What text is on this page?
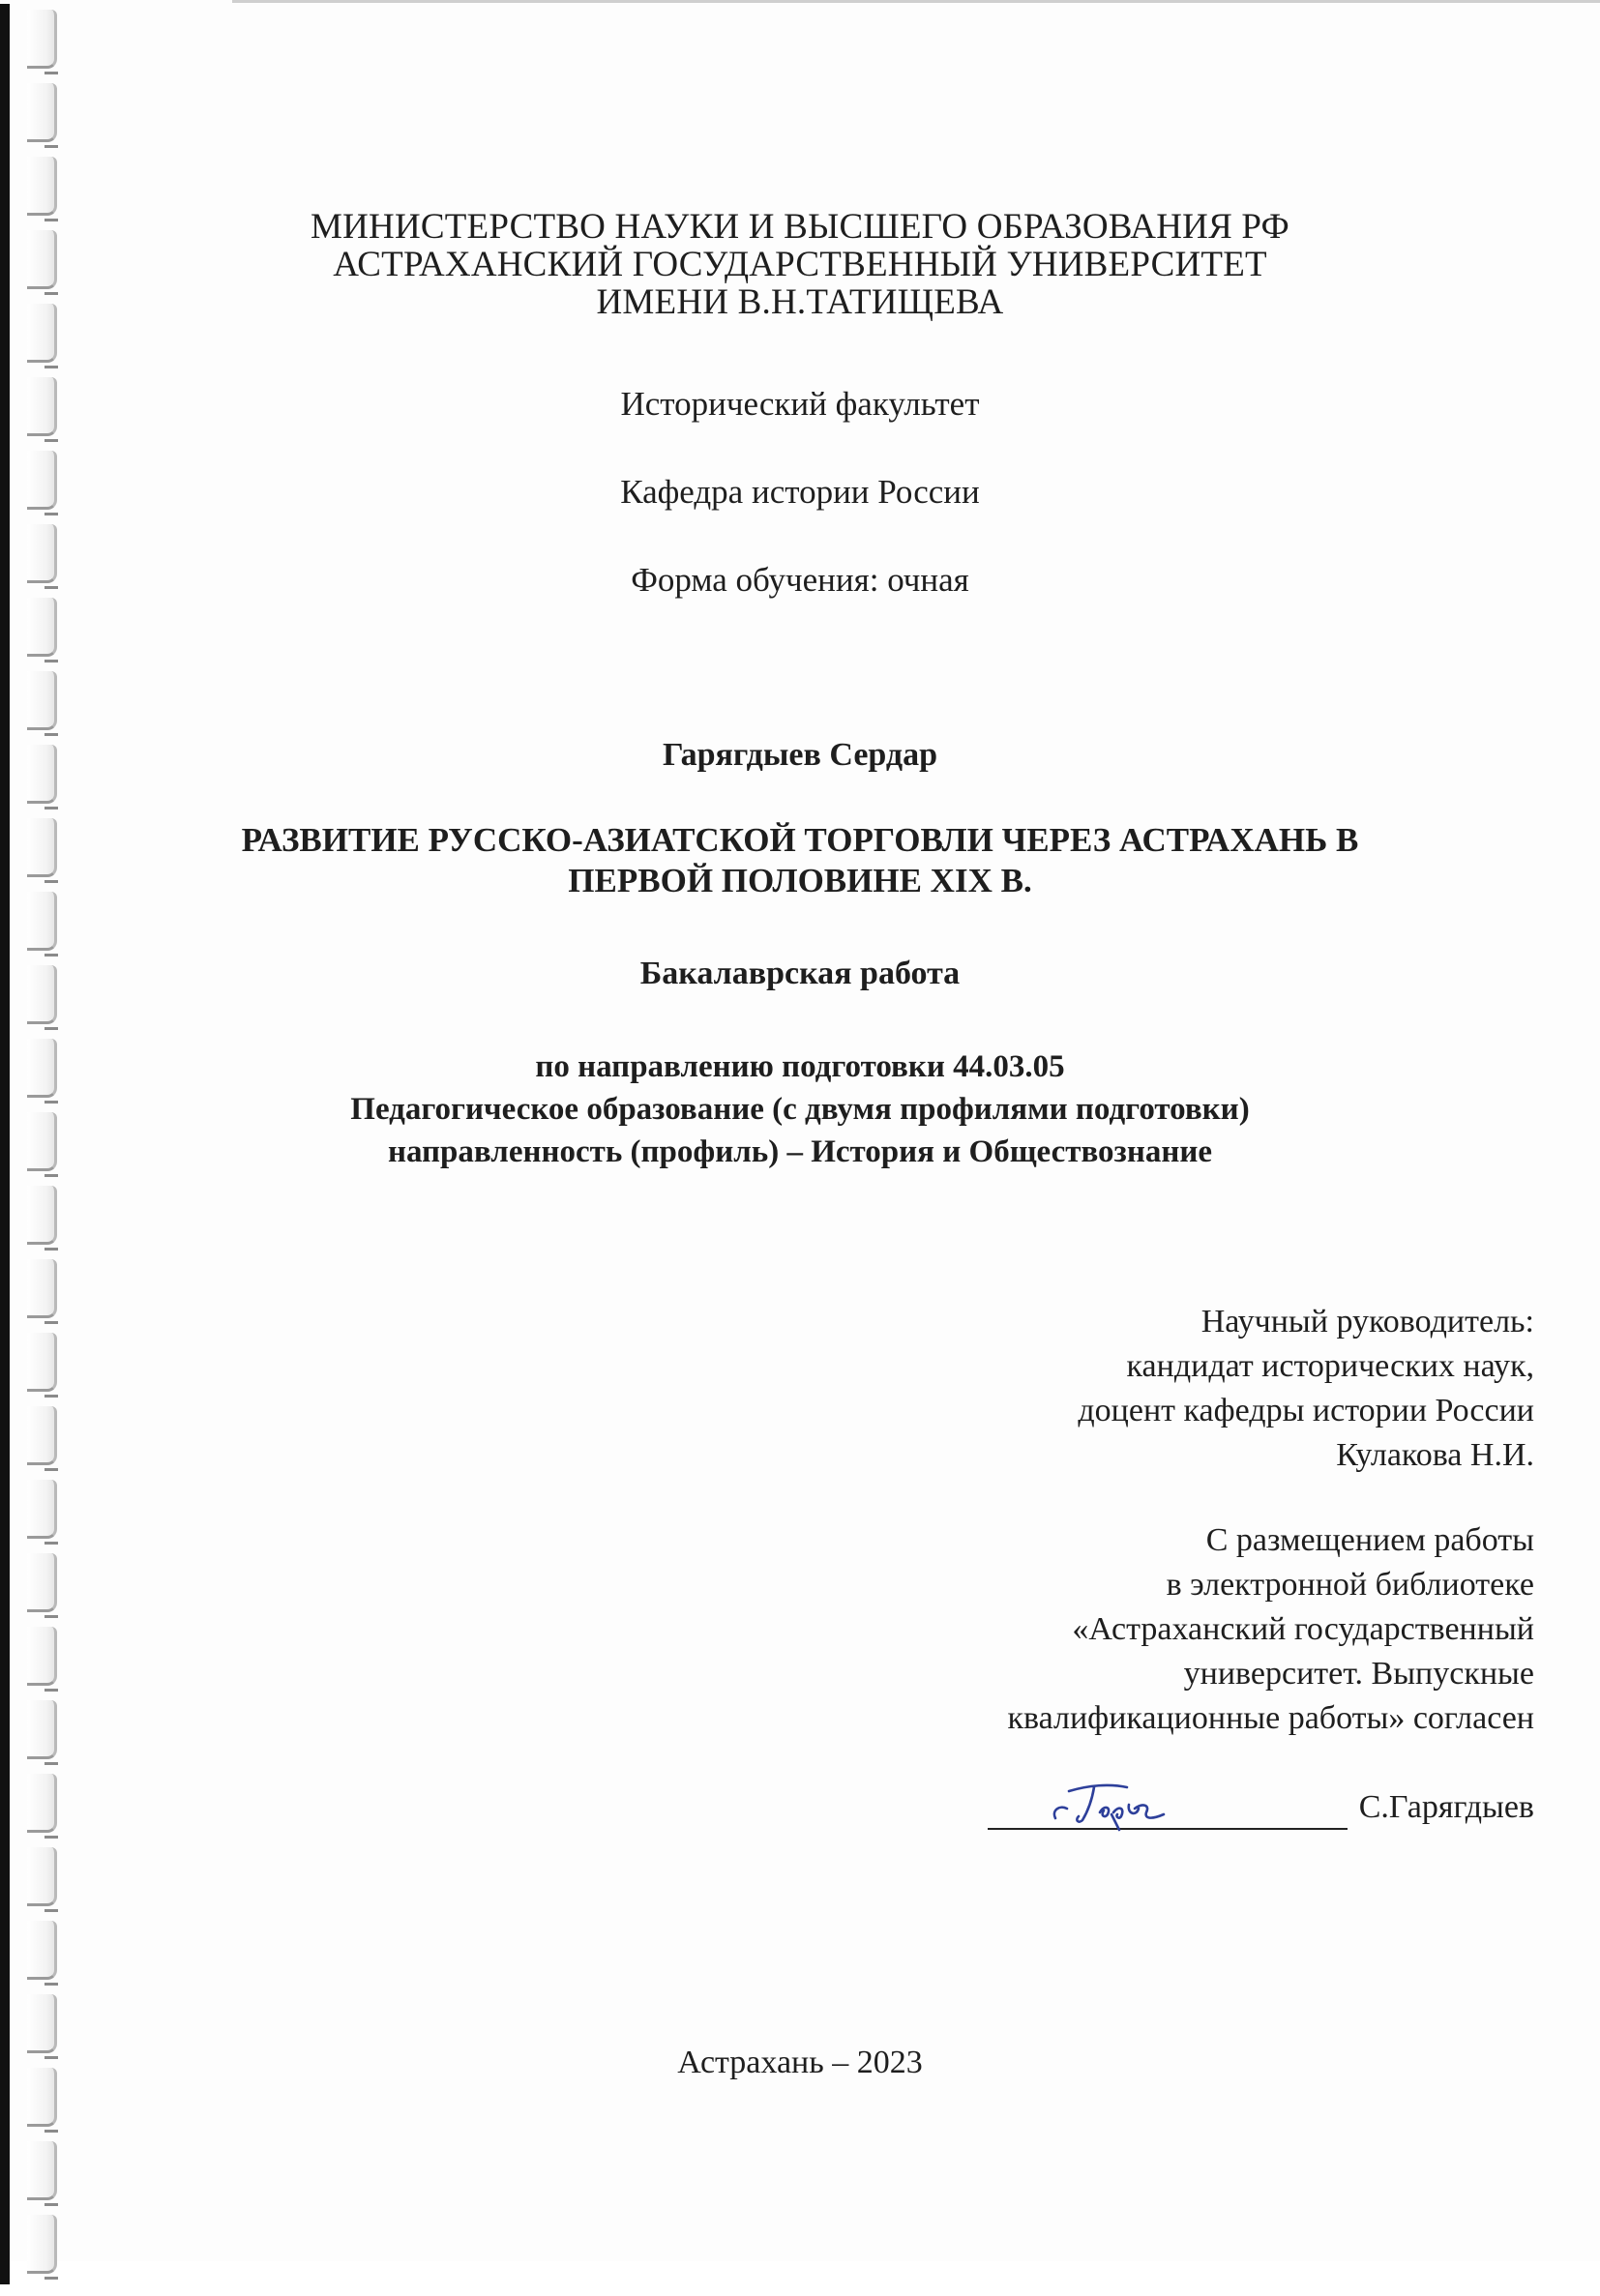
МИНИСТЕРСТВО НАУКИ И ВЫСШЕГО ОБРАЗОВАНИЯ РФ
АСТРАХАНСКИЙ ГОСУДАРСТВЕННЫЙ УНИВЕРСИТЕТ
ИМЕНИ В.Н.ТАТИЩЕВА
Исторический факультет
Кафедра истории России
Форма обучения: очная
Гарягдыев Сердар
РАЗВИТИЕ РУССКО-АЗИАТСКОЙ ТОРГОВЛИ ЧЕРЕЗ АСТРАХАНЬ В
ПЕРВОЙ ПОЛОВИНЕ XIX В.
Бакалаврская работа
по направлению подготовки 44.03.05
Педагогическое образование (с двумя профилями подготовки)
направленность (профиль) – История и Обществознание
Научный руководитель:
кандидат исторических наук,
доцент кафедры истории России
Кулакова Н.И.
С размещением работы
в электронной библиотеке
«Астраханский государственный
университет. Выпускные
квалификационные работы» согласен
С.Гарягдыев
Астрахань – 2023
